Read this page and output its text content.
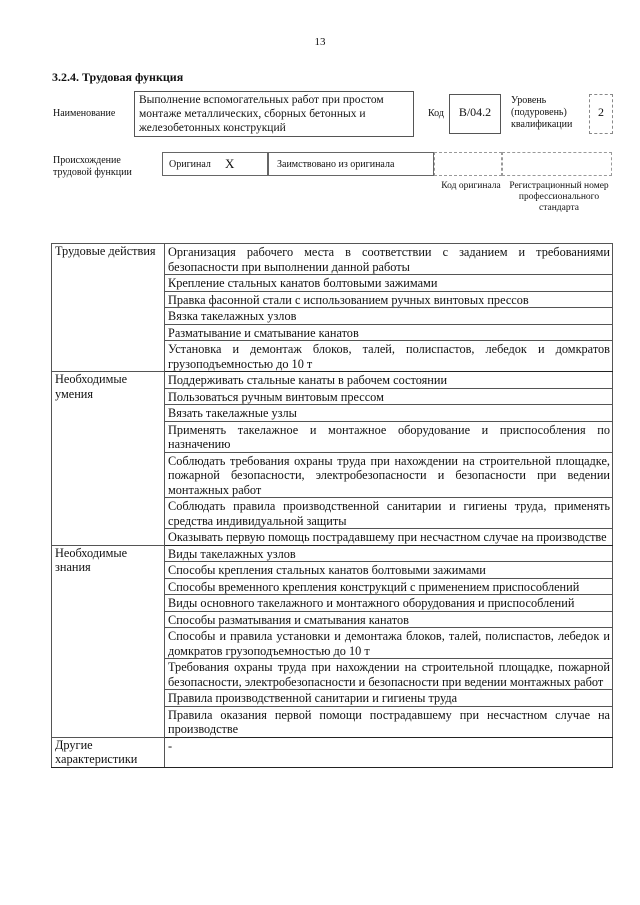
13
3.2.4. Трудовая функция
Наименование
Выполнение вспомогательных работ при простом монтаже металлических, сборных бетонных и железобетонных конструкций
Код	В/04.2
Уровень (подуровень) квалификации
2
Происхождение трудовой функции
Оригинал Х	Заимствовано из оригинала
Код оригинала Регистрационный номер профессионального стандарта
Трудовые действия	Организация рабочего места в соответствии с заданием и требованиями безопасности при выполнении данной работы
	Крепление стальных канатов болтовыми зажимами
	Правка фасонной стали с использованием ручных винтовых прессов
	Вязка такелажных узлов
	Разматывание и сматывание канатов
	Установка и демонтаж блоков, талей, полиспастов, лебедок и домкратов грузоподъемностью до 10 т
Необходимые умения	Поддерживать стальные канаты в рабочем состоянии
	Пользоваться ручным винтовым прессом
	Вязать такелажные узлы
	Применять такелажное и монтажное оборудование и приспособления по назначению
	Соблюдать требования охраны труда при нахождении на строительной площадке, пожарной безопасности, электробезопасности и безопасности при ведении монтажных работ
	Соблюдать правила производственной санитарии и гигиены труда, применять средства индивидуальной защиты
	Оказывать первую помощь пострадавшему при несчастном случае на производстве
Необходимые знания	Виды такелажных узлов
	Способы крепления стальных канатов болтовыми зажимами
	Способы временного крепления конструкций с применением приспособлений
	Виды основного такелажного и монтажного оборудования и приспособлений
	Способы разматывания и сматывания канатов
	Способы и правила установки и демонтажа блоков, талей, полиспастов, лебедок и домкратов грузоподъемностью до 10 т
	Требования охраны труда при нахождении на строительной площадке, пожарной безопасности, электробезопасности и безопасности при ведении монтажных работ
	Правила производственной санитарии и гигиены труда
	Правила оказания первой помощи пострадавшему при несчастном случае на производстве
Другие характеристики	-
